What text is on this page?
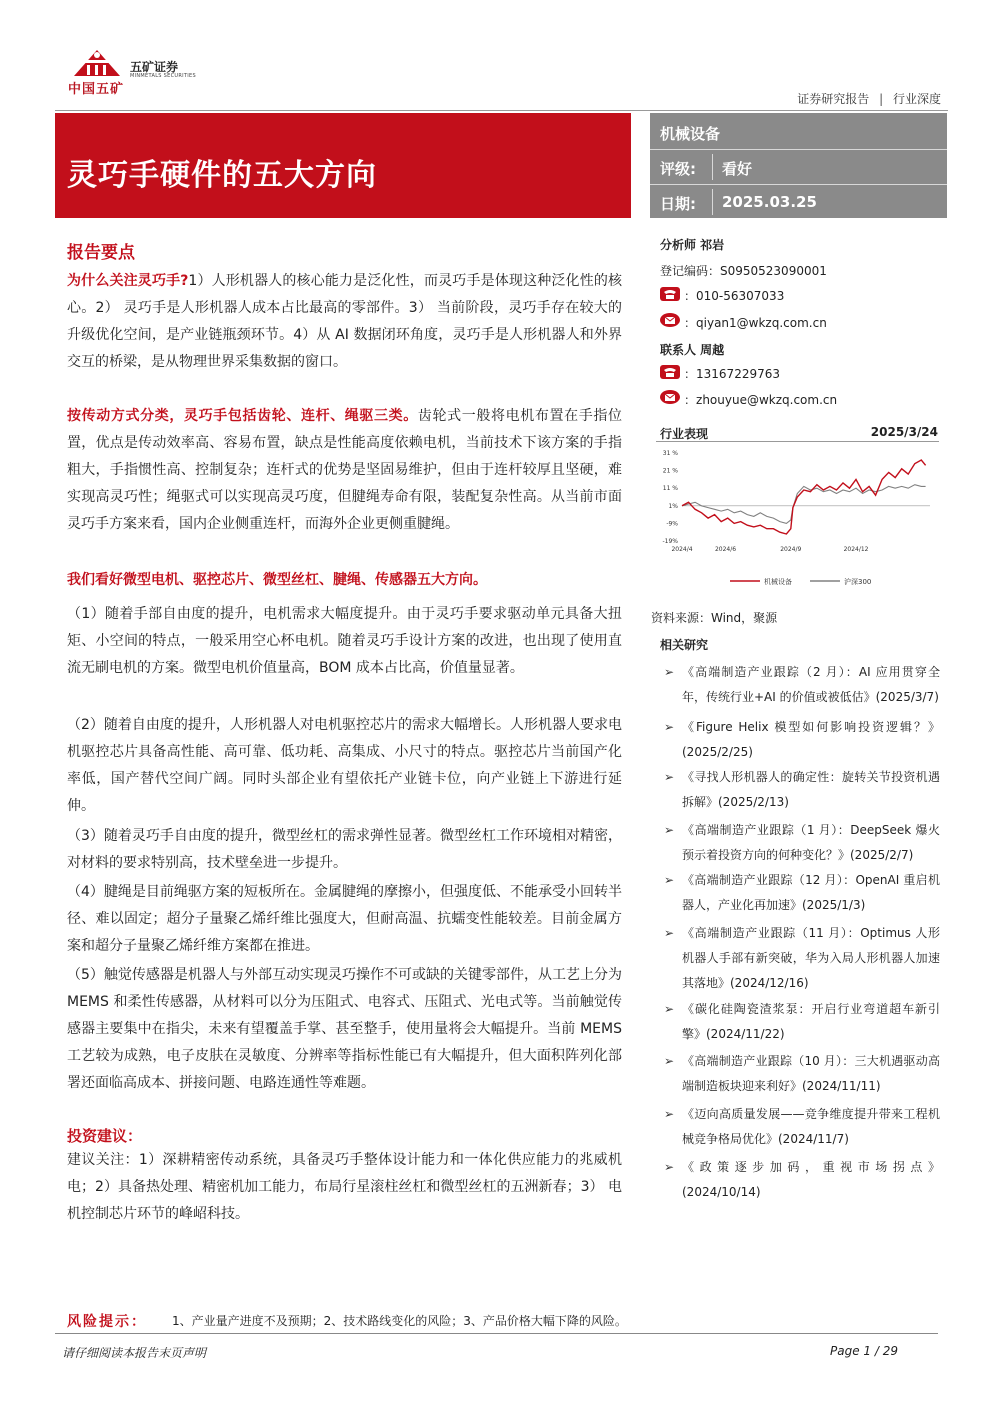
中国五矿
五矿证券
MINMETALS SECURITIES
证券研究报告 | 行业深度
灵巧手硬件的五大方向
机械设备
评级: 看好
日期: 2025.03.25
报告要点
为什么关注灵巧手?1）人形机器人的核心能力是泛化性，而灵巧手是体现这种泛化性的核心。2） 灵巧手是人形机器人成本占比最高的零部件。3） 当前阶段，灵巧手存在较大的升级优化空间，是产业链瓶颈环节。4）从 AI 数据闭环角度，灵巧手是人形机器人和外界交互的桥梁，是从物理世界采集数据的窗口。
按传动方式分类，灵巧手包括齿轮、连杆、绳驱三类。齿轮式一般将电机布置在手指位置，优点是传动效率高、容易布置，缺点是性能高度依赖电机，当前技术下该方案的手指粗大，手指惯性高、控制复杂；连杆式的优势是坚固易维护，但由于连杆较厚且坚硬，难实现高灵巧性；绳驱式可以实现高灵巧度，但腱绳寿命有限，装配复杂性高。从当前市面灵巧手方案来看，国内企业侧重连杆，而海外企业更侧重腱绳。
我们看好微型电机、驱控芯片、微型丝杠、腱绳、传感器五大方向。
（1）随着手部自由度的提升，电机需求大幅度提升。由于灵巧手要求驱动单元具备大扭矩、小空间的特点，一般采用空心杯电机。随着灵巧手设计方案的改进，也出现了使用直流无刷电机的方案。微型电机价值量高，BOM 成本占比高，价值量显著。
（2）随着自由度的提升，人形机器人对电机驱控芯片的需求大幅增长。人形机器人要求电机驱控芯片具备高性能、高可靠、低功耗、高集成、小尺寸的特点。驱控芯片当前国产化率低，国产替代空间广阔。同时头部企业有望依托产业链卡位，向产业链上下游进行延伸。
（3）随着灵巧手自由度的提升，微型丝杠的需求弹性显著。微型丝杠工作环境相对精密，对材料的要求特别高，技术壁垒进一步提升。
（4）腱绳是目前绳驱方案的短板所在。金属腱绳的摩擦小，但强度低、不能承受小回转半径、难以固定；超分子量聚乙烯纤维比强度大，但耐高温、抗蠕变性能较差。目前金属方案和超分子量聚乙烯纤维方案都在推进。
（5）触觉传感器是机器人与外部互动实现灵巧操作不可或缺的关键零部件，从工艺上分为 MEMS 和柔性传感器，从材料可以分为压阻式、电容式、压阻式、光电式等。当前触觉传感器主要集中在指尖，未来有望覆盖手掌、甚至整手，使用量将会大幅提升。当前 MEMS 工艺较为成熟，电子皮肤在灵敏度、分辨率等指标性能已有大幅提升，但大面积阵列化部署还面临高成本、拼接问题、电路连通性等难题。
投资建议：
建议关注：1）深耕精密传动系统，具备灵巧手整体设计能力和一体化供应能力的兆威机电；2）具备热处理、精密机加工能力，布局行星滚柱丝杠和微型丝杠的五洲新春；3） 电机控制芯片环节的峰岹科技。
分析师 祁岩
登记编码：S0950523090001
：010-56307033
：qiyan1@wkzq.com.cn
联系人 周越
：13167229763
：zhouyue@wkzq.com.cn
行业表现	2025/3/24
31 %
21 %
11 %
1%
-9%
-19%
2024/4	2024/6	2024/9	2024/12
机械设备	沪深300
资料来源：Wind，聚源
相关研究
➢ 《高端制造产业跟踪（2 月）：AI 应用贯穿全年，传统行业+AI 的价值或被低估》(2025/3/7)
➢ 《Figure Helix 模型如何影响投资逻辑？》(2025/2/25)
➢ 《寻找人形机器人的确定性：旋转关节投资机遇拆解》(2025/2/13)
➢ 《高端制造产业跟踪（1 月）：DeepSeek 爆火预示着投资方向的何种变化？》(2025/2/7)
➢ 《高端制造产业跟踪（12 月）：OpenAI 重启机器人，产业化再加速》(2025/1/3)
➢ 《高端制造产业跟踪（11 月）：Optimus 人形机器人手部有新突破，华为入局人形机器人加速其落地》(2024/12/16)
➢ 《碳化硅陶瓷渣浆泵：开启行业弯道超车新引擎》(2024/11/22)
➢ 《高端制造产业跟踪（10 月）：三大机遇驱动高端制造板块迎来利好》(2024/11/11)
➢ 《迈向高质量发展——竞争维度提升带来工程机械竞争格局优化》(2024/11/7)
➢ 《政策逐步加码，重视市场拐点》(2024/10/14)
风险提示： 1、产业量产进度不及预期；2、技术路线变化的风险；3、产品价格大幅下降的风险。
请仔细阅读本报告末页声明	Page 1 / 29
